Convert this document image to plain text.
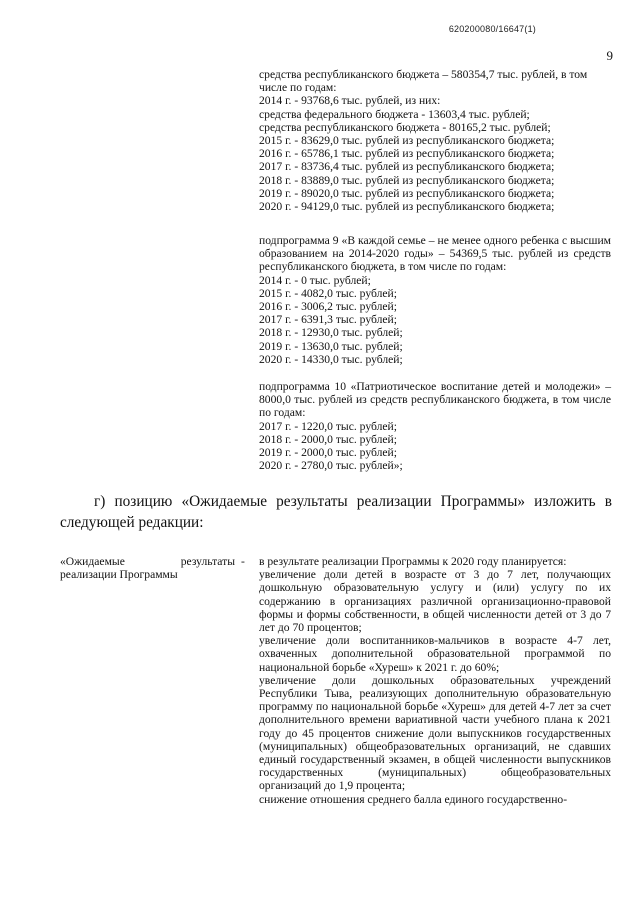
620200080/16647(1)
9
средства республиканского бюджета – 580354,7 тыс. рублей, в том
числе по годам:
2014 г. - 93768,6 тыс. рублей, из них:
средства федерального бюджета - 13603,4 тыс. рублей;
средства республиканского бюджета - 80165,2 тыс. рублей;
2015 г. - 83629,0 тыс. рублей из республиканского бюджета;
2016 г. - 65786,1 тыс. рублей из республиканского бюджета;
2017 г. - 83736,4 тыс. рублей из республиканского бюджета;
2018 г. - 83889,0 тыс. рублей из республиканского бюджета;
2019 г. - 89020,0 тыс. рублей из республиканского бюджета;
2020 г. - 94129,0 тыс. рублей из республиканского бюджета;
подпрограмма 9 «В каждой семье – не менее одного ребенка с высшим образованием на 2014-2020 годы» – 54369,5 тыс. рублей из средств республиканского бюджета, в том числе по годам:
2014 г. - 0 тыс. рублей;
2015 г. - 4082,0 тыс. рублей;
2016 г. - 3006,2 тыс. рублей;
2017 г. - 6391,3 тыс. рублей;
2018 г. - 12930,0 тыс. рублей;
2019 г. - 13630,0 тыс. рублей;
2020 г. - 14330,0 тыс. рублей;
подпрограмма 10 «Патриотическое воспитание детей и молодежи» – 8000,0 тыс. рублей из средств республиканского бюджета, в том числе по годам:
2017 г. - 1220,0 тыс. рублей;
2018 г. - 2000,0 тыс. рублей;
2019 г. - 2000,0 тыс. рублей;
2020 г. - 2780,0 тыс. рублей»;
г) позицию «Ожидаемые результаты реализации Программы» изложить в следующей редакции:
«Ожидаемые результаты реализации Программы
- в результате реализации Программы к 2020 году планируется:
увеличение доли детей в возрасте от 3 до 7 лет, получающих дошкольную образовательную услугу и (или) услугу по их содержанию в организациях различной организационно-правовой формы и формы собственности, в общей численности детей от 3 до 7 лет до 70 процентов;
увеличение доли воспитанников-мальчиков в возрасте 4-7 лет, охваченных дополнительной образовательной программой по национальной борьбе «Хуреш» к 2021 г. до 60%;
увеличение доли дошкольных образовательных учреждений Республики Тыва, реализующих дополнительную образовательную программу по национальной борьбе «Хуреш» для детей 4-7 лет за счет дополнительного времени вариативной части учебного плана к 2021 году до 45 процентов снижение доли выпускников государственных (муниципальных) общеобразовательных организаций, не сдавших единый государственный экзамен, в общей численности выпускников государственных (муниципальных) общеобразовательных организаций до 1,9 процента;
снижение отношения среднего балла единого государственно-
